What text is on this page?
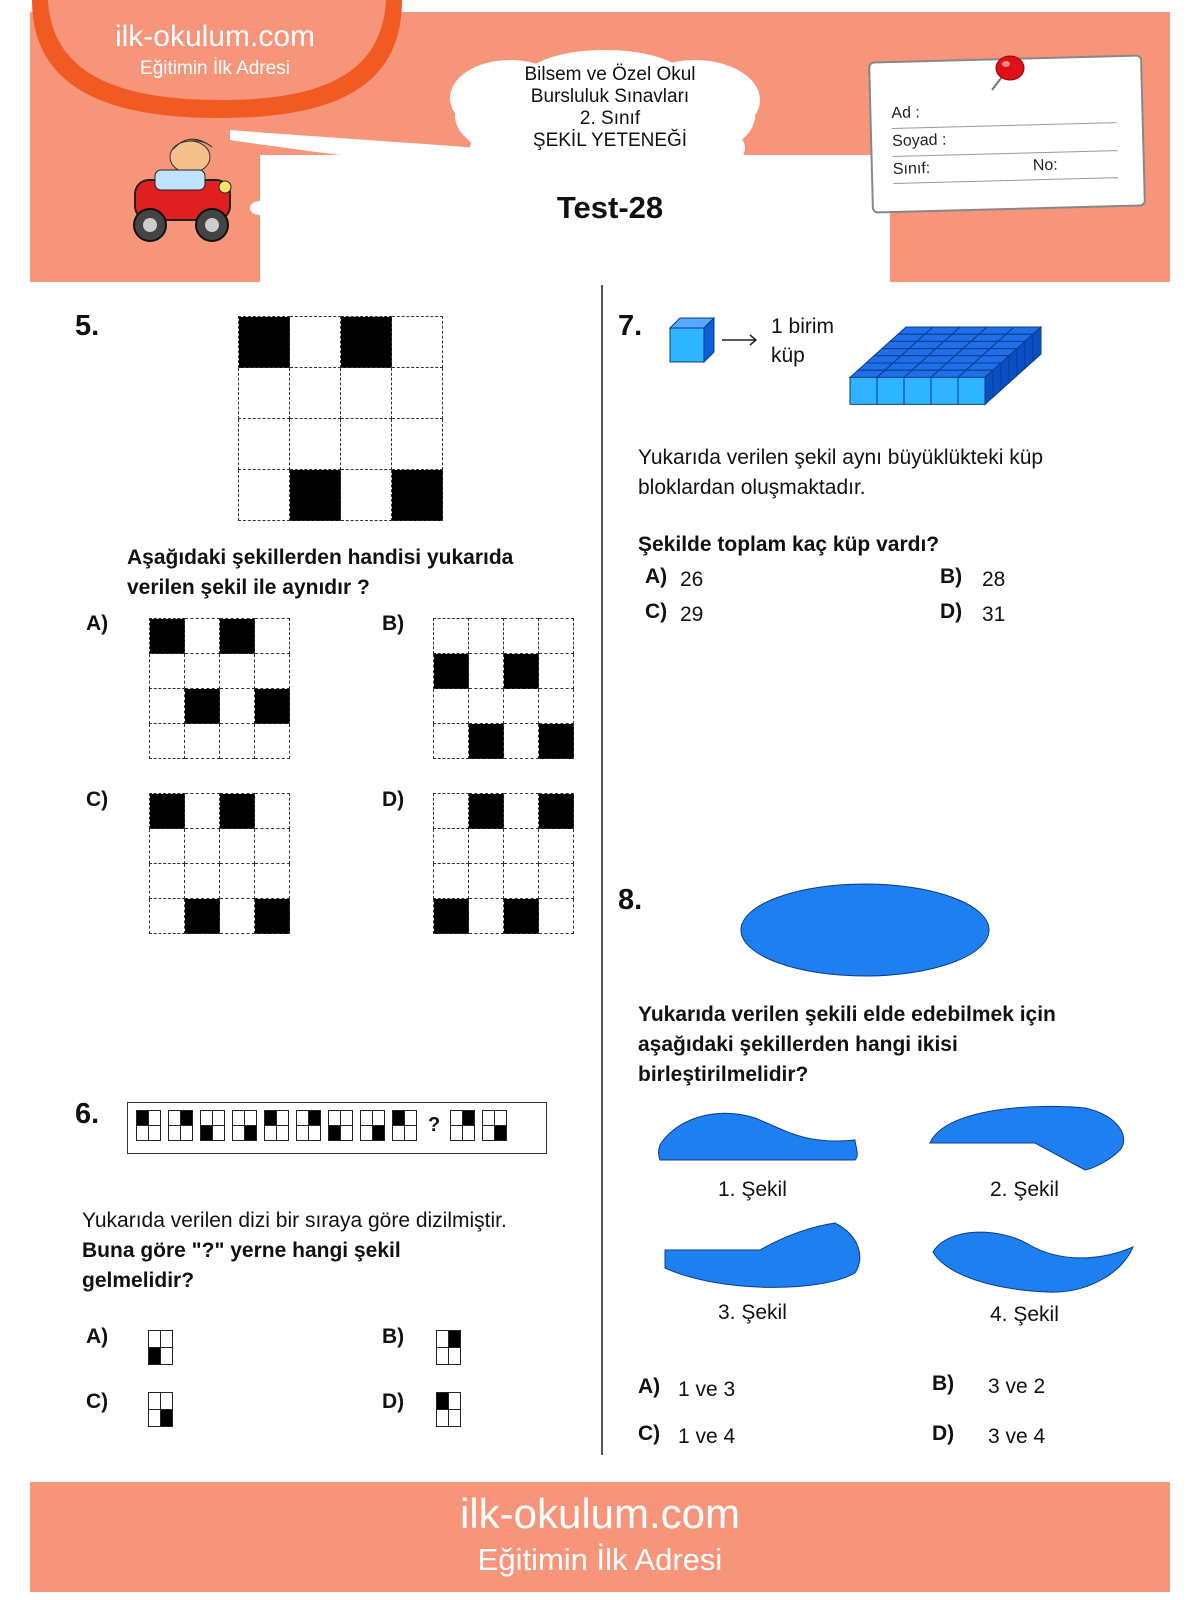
ilk-okulum.com
Eğitimin İlk Adresi	Bilsem ve Özel Okul
Bursluluk Sınavları
2. Sınıf
ŞEKİL YETENEĞİ
Ad :
Soyad :
Sınıf:	No:
Test-28
5.

Aşağıdaki şekillerden handisi yukarıda
verilen şekil ile aynıdır ?
A)

				B)

C)

				D)

6.

		?

Yukarıda verilen dizi bir sıraya göre dizilmiştir.
Buna göre "?" yerne hangi şekil
gelmelidir?
A)

		B)

C)

		D)

7.	1 birim
küp
Yukarıda verilen şekil aynı büyüklükteki küp
bloklardan oluşmaktadır.
Şekilde toplam kaç küp vardı?
A) 26	B) 28
C) 29	D) 31
8.
Yukarıda verilen şekili elde edebilmek için
aşağıdaki şekillerden hangi ikisi
birleştirilmelidir?
1. Şekil	2. Şekil
3. Şekil	4. Şekil
A) 1 ve 3	B) 3 ve 2
C) 1 ve 4	D) 3 ve 4
ilk-okulum.com
Eğitimin İlk Adresi
